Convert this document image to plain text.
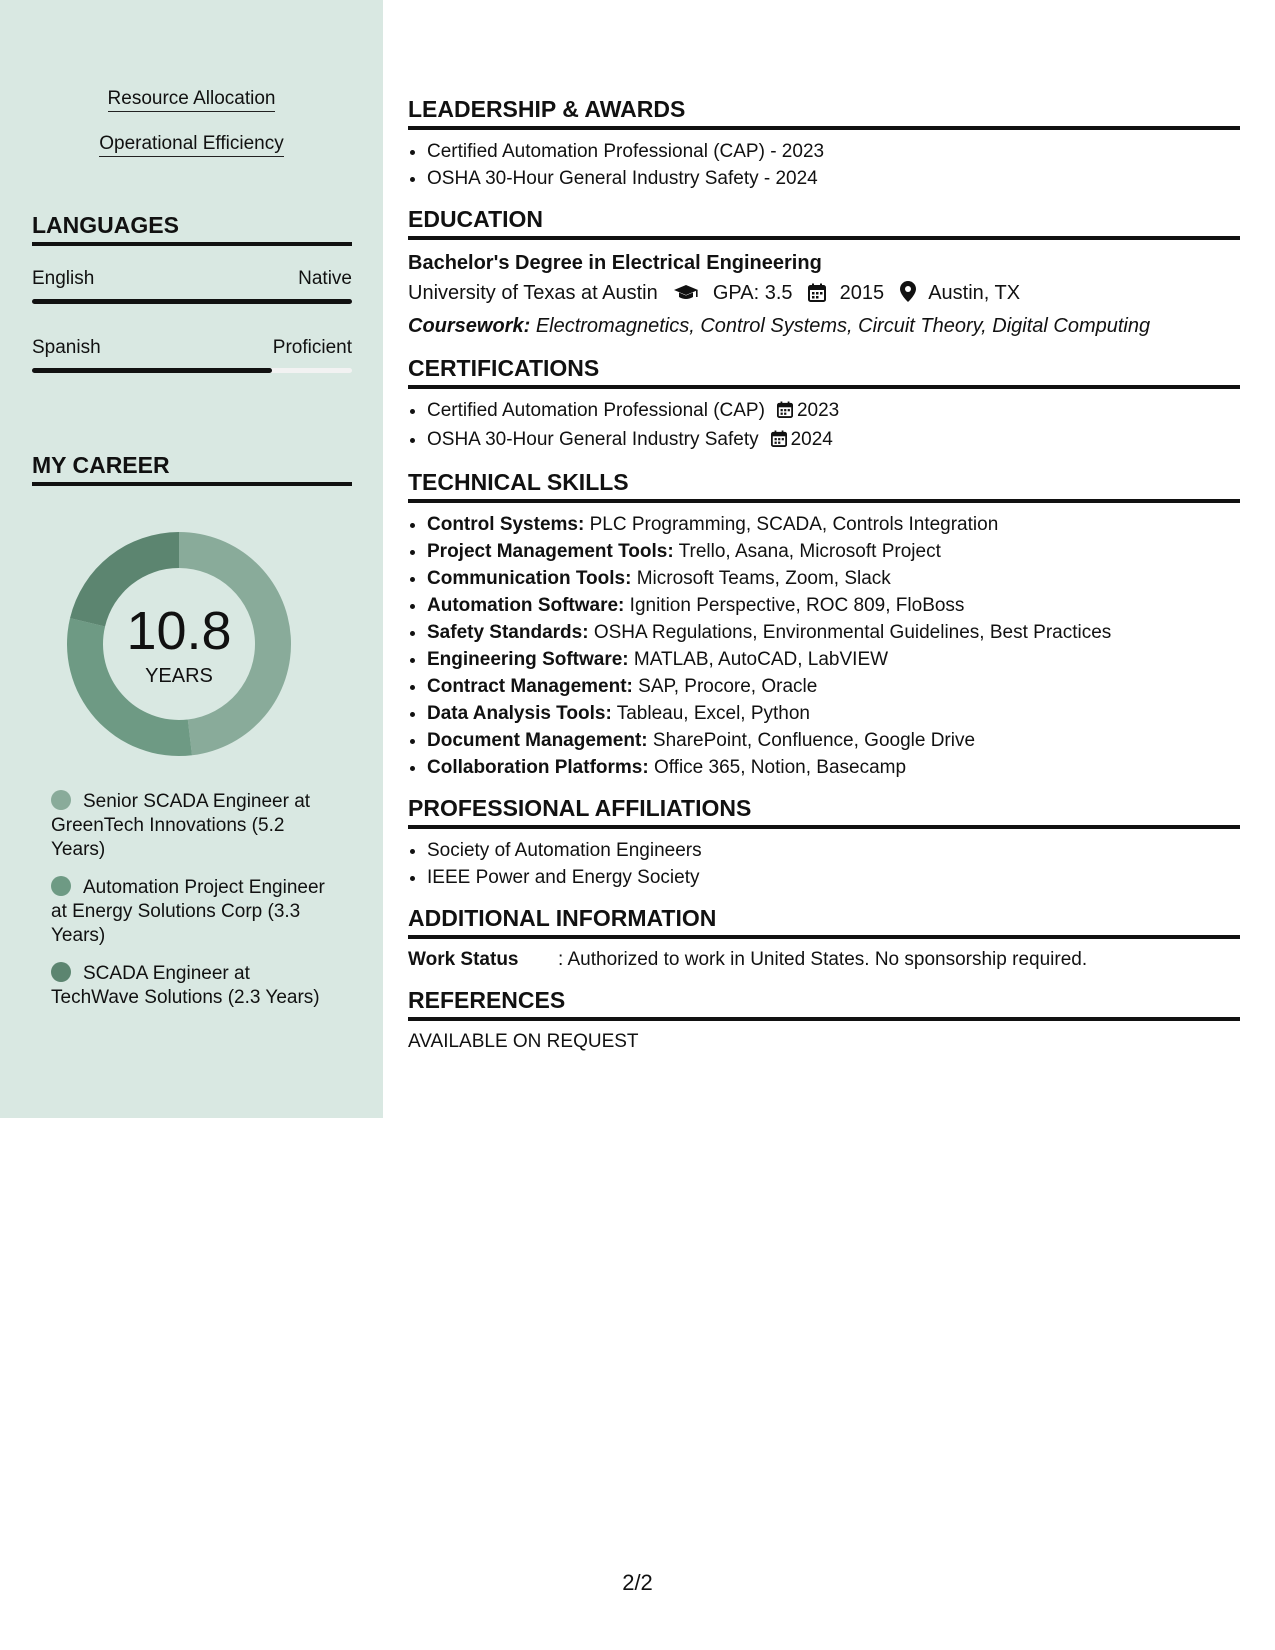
Resource Allocation
Operational Efficiency
LANGUAGES
English	Native
Spanish	Proficient
MY CAREER
10.8
YEARS
Senior SCADA Engineer at GreenTech Innovations (5.2 Years)
Automation Project Engineer at Energy Solutions Corp (3.3 Years)
SCADA Engineer at TechWave Solutions (2.3 Years)
LEADERSHIP & AWARDS
• Certified Automation Professional (CAP) - 2023
• OSHA 30-Hour General Industry Safety - 2024
EDUCATION
Bachelor's Degree in Electrical Engineering
University of Texas at Austin	GPA: 3.5 2015 Austin, TX
Coursework: Electromagnetics, Control Systems, Circuit Theory, Digital Computing
CERTIFICATIONS
• Certified Automation Professional (CAP) 2023
• OSHA 30-Hour General Industry Safety 2024
TECHNICAL SKILLS
• Control Systems: PLC Programming, SCADA, Controls Integration
• Project Management Tools: Trello, Asana, Microsoft Project
• Communication Tools: Microsoft Teams, Zoom, Slack
• Automation Software: Ignition Perspective, ROC 809, FloBoss
• Safety Standards: OSHA Regulations, Environmental Guidelines, Best Practices
• Engineering Software: MATLAB, AutoCAD, LabVIEW
• Contract Management: SAP, Procore, Oracle
• Data Analysis Tools: Tableau, Excel, Python
• Document Management: SharePoint, Confluence, Google Drive
• Collaboration Platforms: Office 365, Notion, Basecamp
PROFESSIONAL AFFILIATIONS
• Society of Automation Engineers
• IEEE Power and Energy Society
ADDITIONAL INFORMATION
Work Status : Authorized to work in United States. No sponsorship required.
REFERENCES
AVAILABLE ON REQUEST
2/2
